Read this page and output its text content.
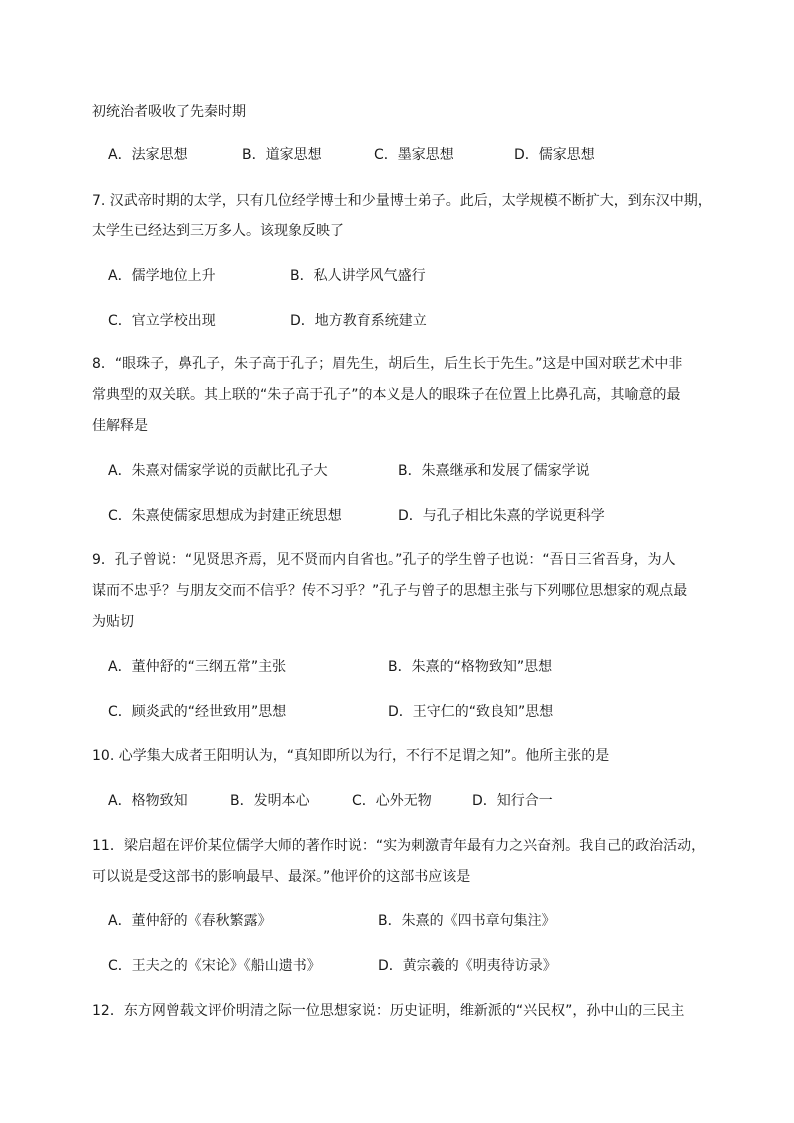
初统治者吸收了先秦时期
A．法家思想	B．道家思想	C．墨家思想	D．儒家思想
7. 汉武帝时期的太学，只有几位经学博士和少量博士弟子。此后，太学规模不断扩大，到东汉中期，
太学生已经达到三万多人。该现象反映了
A．儒学地位上升	B．私人讲学风气盛行
C．官立学校出现	D．地方教育系统建立
8．“眼珠子，鼻孔子，朱子高于孔子；眉先生，胡后生，后生长于先生。”这是中国对联艺术中非
常典型的双关联。其上联的“朱子高于孔子”的本义是人的眼珠子在位置上比鼻孔高，其喻意的最
佳解释是
A．朱熹对儒家学说的贡献比孔子大	B．朱熹继承和发展了儒家学说
C．朱熹使儒家思想成为封建正统思想	D．与孔子相比朱熹的学说更科学
9．孔子曾说：“见贤思齐焉，见不贤而内自省也。”孔子的学生曾子也说：“吾日三省吾身，为人
谋而不忠乎？与朋友交而不信乎？传不习乎？”孔子与曾子的思想主张与下列哪位思想家的观点最
为贴切
A．董仲舒的“三纲五常”主张	B．朱熹的“格物致知”思想
C．顾炎武的“经世致用”思想	D．王守仁的“致良知”思想
10. 心学集大成者王阳明认为，“真知即所以为行，不行不足谓之知”。他所主张的是
A．格物致知	B．发明本心	C．心外无物	D．知行合一
11．梁启超在评价某位儒学大师的著作时说：“实为刺激青年最有力之兴奋剂。我自己的政治活动，
可以说是受这部书的影响最早、最深。”他评价的这部书应该是
A．董仲舒的《春秋繁露》	B．朱熹的《四书章句集注》
C．王夫之的《宋论》《船山遗书》	D．黄宗羲的《明夷待访录》
12．东方网曾载文评价明清之际一位思想家说：历史证明，维新派的“兴民权”，孙中山的三民主
